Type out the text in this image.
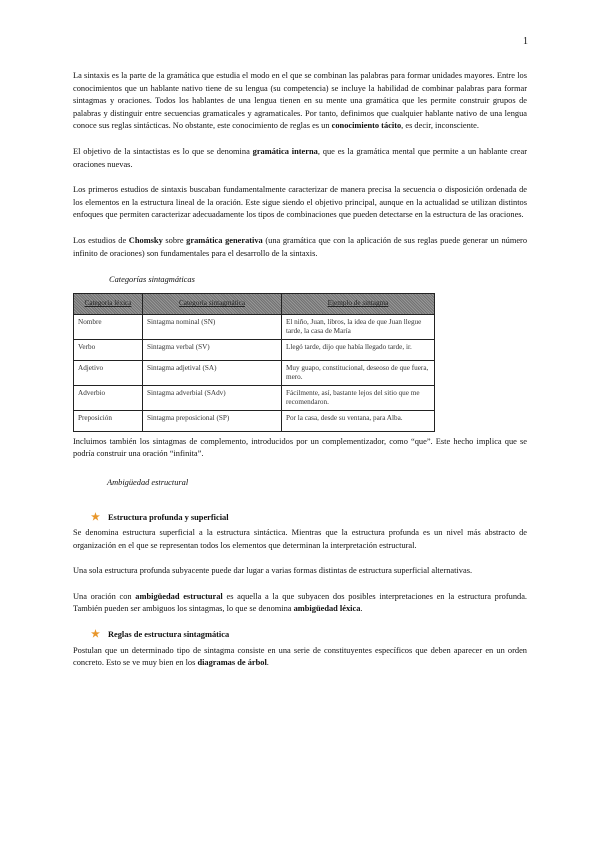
1

La sintaxis es la parte de la gramática que estudia el modo en el que se combinan las palabras para formar unidades mayores. Entre los conocimientos que un hablante nativo tiene de su lengua (su competencia) se incluye la habilidad de combinar palabras para formar sintagmas y oraciones. Todos los hablantes de una lengua tienen en su mente una gramática que les permite construir grupos de palabras y distinguir entre secuencias gramaticales y agramaticales. Por tanto, definimos que cualquier hablante nativo de una lengua conoce sus reglas sintácticas. No obstante, este conocimiento de reglas es un conocimiento tácito, es decir, inconsciente.

El objetivo de la sintactistas es lo que se denomina gramática interna, que es la gramática mental que permite a un hablante crear oraciones nuevas.

Los primeros estudios de sintaxis buscaban fundamentalmente caracterizar de manera precisa la secuencia o disposición ordenada de los elementos en la estructura lineal de la oración. Este sigue siendo el objetivo principal, aunque en la actualidad se utilizan distintos enfoques que permiten caracterizar adecuadamente los tipos de combinaciones que pueden detectarse en la estructura de las oraciones.

Los estudios de Chomsky sobre gramática generativa (una gramática que con la aplicación de sus reglas puede generar un número infinito de oraciones) son fundamentales para el desarrollo de la sintaxis.

Categorías sintagmáticas
Categoría léxica	Categoría sintagmática	Ejemplo de sintagma
Nombre	Sintagma nominal (SN)	El niño, Juan, libros, la idea de que Juan llegue tarde, la casa de María
Verbo	Sintagma verbal (SV)	Llegó tarde, dijo que había llegado tarde, ir.
Adjetivo	Sintagma adjetival (SA)	Muy guapo, constitucional, deseoso de que fuera, mero.
Adverbio	Sintagma adverbial (SAdv)	Fácilmente, así, bastante lejos del sitio que me recomendaron.
Preposición	Sintagma preposicional (SP)	Por la casa, desde su ventana, para Alba.

Incluimos también los sintagmas de complemento, introducidos por un complementizador, como “que”. Este hecho implica que se podría construir una oración “infinita”.

Ambigüedad estructural
★ Estructura profunda y superficial

Se denomina estructura superficial a la estructura sintáctica. Mientras que la estructura profunda es un nivel más abstracto de organización en el que se representan todos los elementos que determinan la interpretación estructural.

Una sola estructura profunda subyacente puede dar lugar a varias formas distintas de estructura superficial alternativas.

Una oración con ambigüedad estructural es aquella a la que subyacen dos posibles interpretaciones en la estructura profunda. También pueden ser ambiguos los sintagmas, lo que se denomina ambigüedad léxica.

★ Reglas de estructura sintagmática

Postulan que un determinado tipo de sintagma consiste en una serie de constituyentes específicos que deben aparecer en un orden concreto. Esto se ve muy bien en los diagramas de árbol.
